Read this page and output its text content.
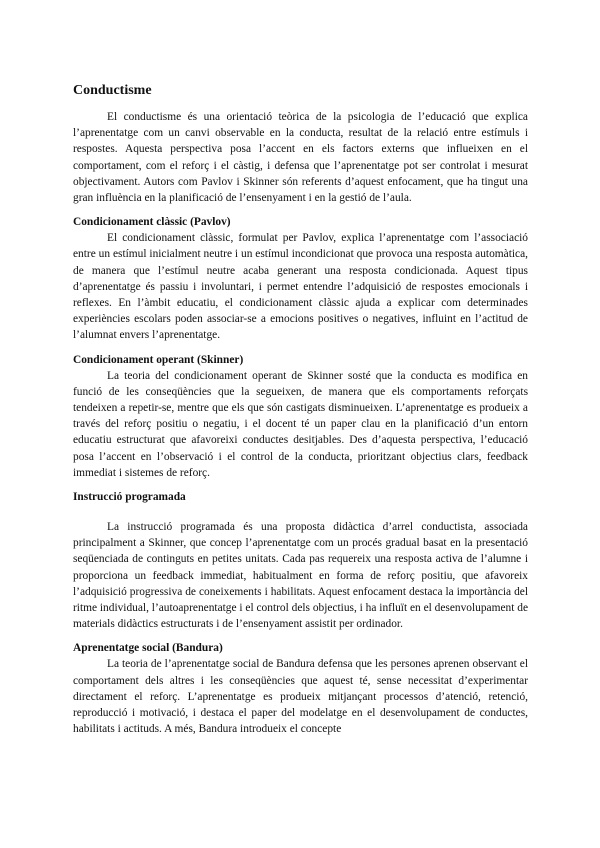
Conductisme

El conductisme és una orientació teòrica de la psicologia de l’educació que explica l’aprenentatge com un canvi observable en la conducta, resultat de la relació entre estímuls i respostes. Aquesta perspectiva posa l’accent en els factors externs que influeixen en el comportament, com el reforç i el càstig, i defensa que l’aprenentatge pot ser controlat i mesurat objectivament. Autors com Pavlov i Skinner són referents d’aquest enfocament, que ha tingut una gran influència en la planificació de l’ensenyament i en la gestió de l’aula.

Condicionament clàssic (Pavlov)

El condicionament clàssic, formulat per Pavlov, explica l’aprenentatge com l’associació entre un estímul inicialment neutre i un estímul incondicionat que provoca una resposta automàtica, de manera que l’estímul neutre acaba generant una resposta condicionada. Aquest tipus d’aprenentatge és passiu i involuntari, i permet entendre l’adquisició de respostes emocionals i reflexes. En l’àmbit educatiu, el condicionament clàssic ajuda a explicar com determinades experiències escolars poden associar-se a emocions positives o negatives, influint en l’actitud de l’alumnat envers l’aprenentatge.

Condicionament operant (Skinner)

La teoria del condicionament operant de Skinner sosté que la conducta es modifica en funció de les conseqüències que la segueixen, de manera que els comportaments reforçats tendeixen a repetir-se, mentre que els que són castigats disminueixen. L’aprenentatge es produeix a través del reforç positiu o negatiu, i el docent té un paper clau en la planificació d’un entorn educatiu estructurat que afavoreixi conductes desitjables. Des d’aquesta perspectiva, l’educació posa l’accent en l’observació i el control de la conducta, prioritzant objectius clars, feedback immediat i sistemes de reforç.

Instrucció programada

La instrucció programada és una proposta didàctica d’arrel conductista, associada principalment a Skinner, que concep l’aprenentatge com un procés gradual basat en la presentació seqüenciada de continguts en petites unitats. Cada pas requereix una resposta activa de l’alumne i proporciona un feedback immediat, habitualment en forma de reforç positiu, que afavoreix l’adquisició progressiva de coneixements i habilitats. Aquest enfocament destaca la importància del ritme individual, l’autoaprenentatge i el control dels objectius, i ha influït en el desenvolupament de materials didàctics estructurats i de l’ensenyament assistit per ordinador.

Aprenentatge social (Bandura)

La teoria de l’aprenentatge social de Bandura defensa que les persones aprenen observant el comportament dels altres i les conseqüències que aquest té, sense necessitat d’experimentar directament el reforç. L’aprenentatge es produeix mitjançant processos d’atenció, retenció, reproducció i motivació, i destaca el paper del modelatge en el desenvolupament de conductes, habilitats i actituds. A més, Bandura introdueix el concepte
